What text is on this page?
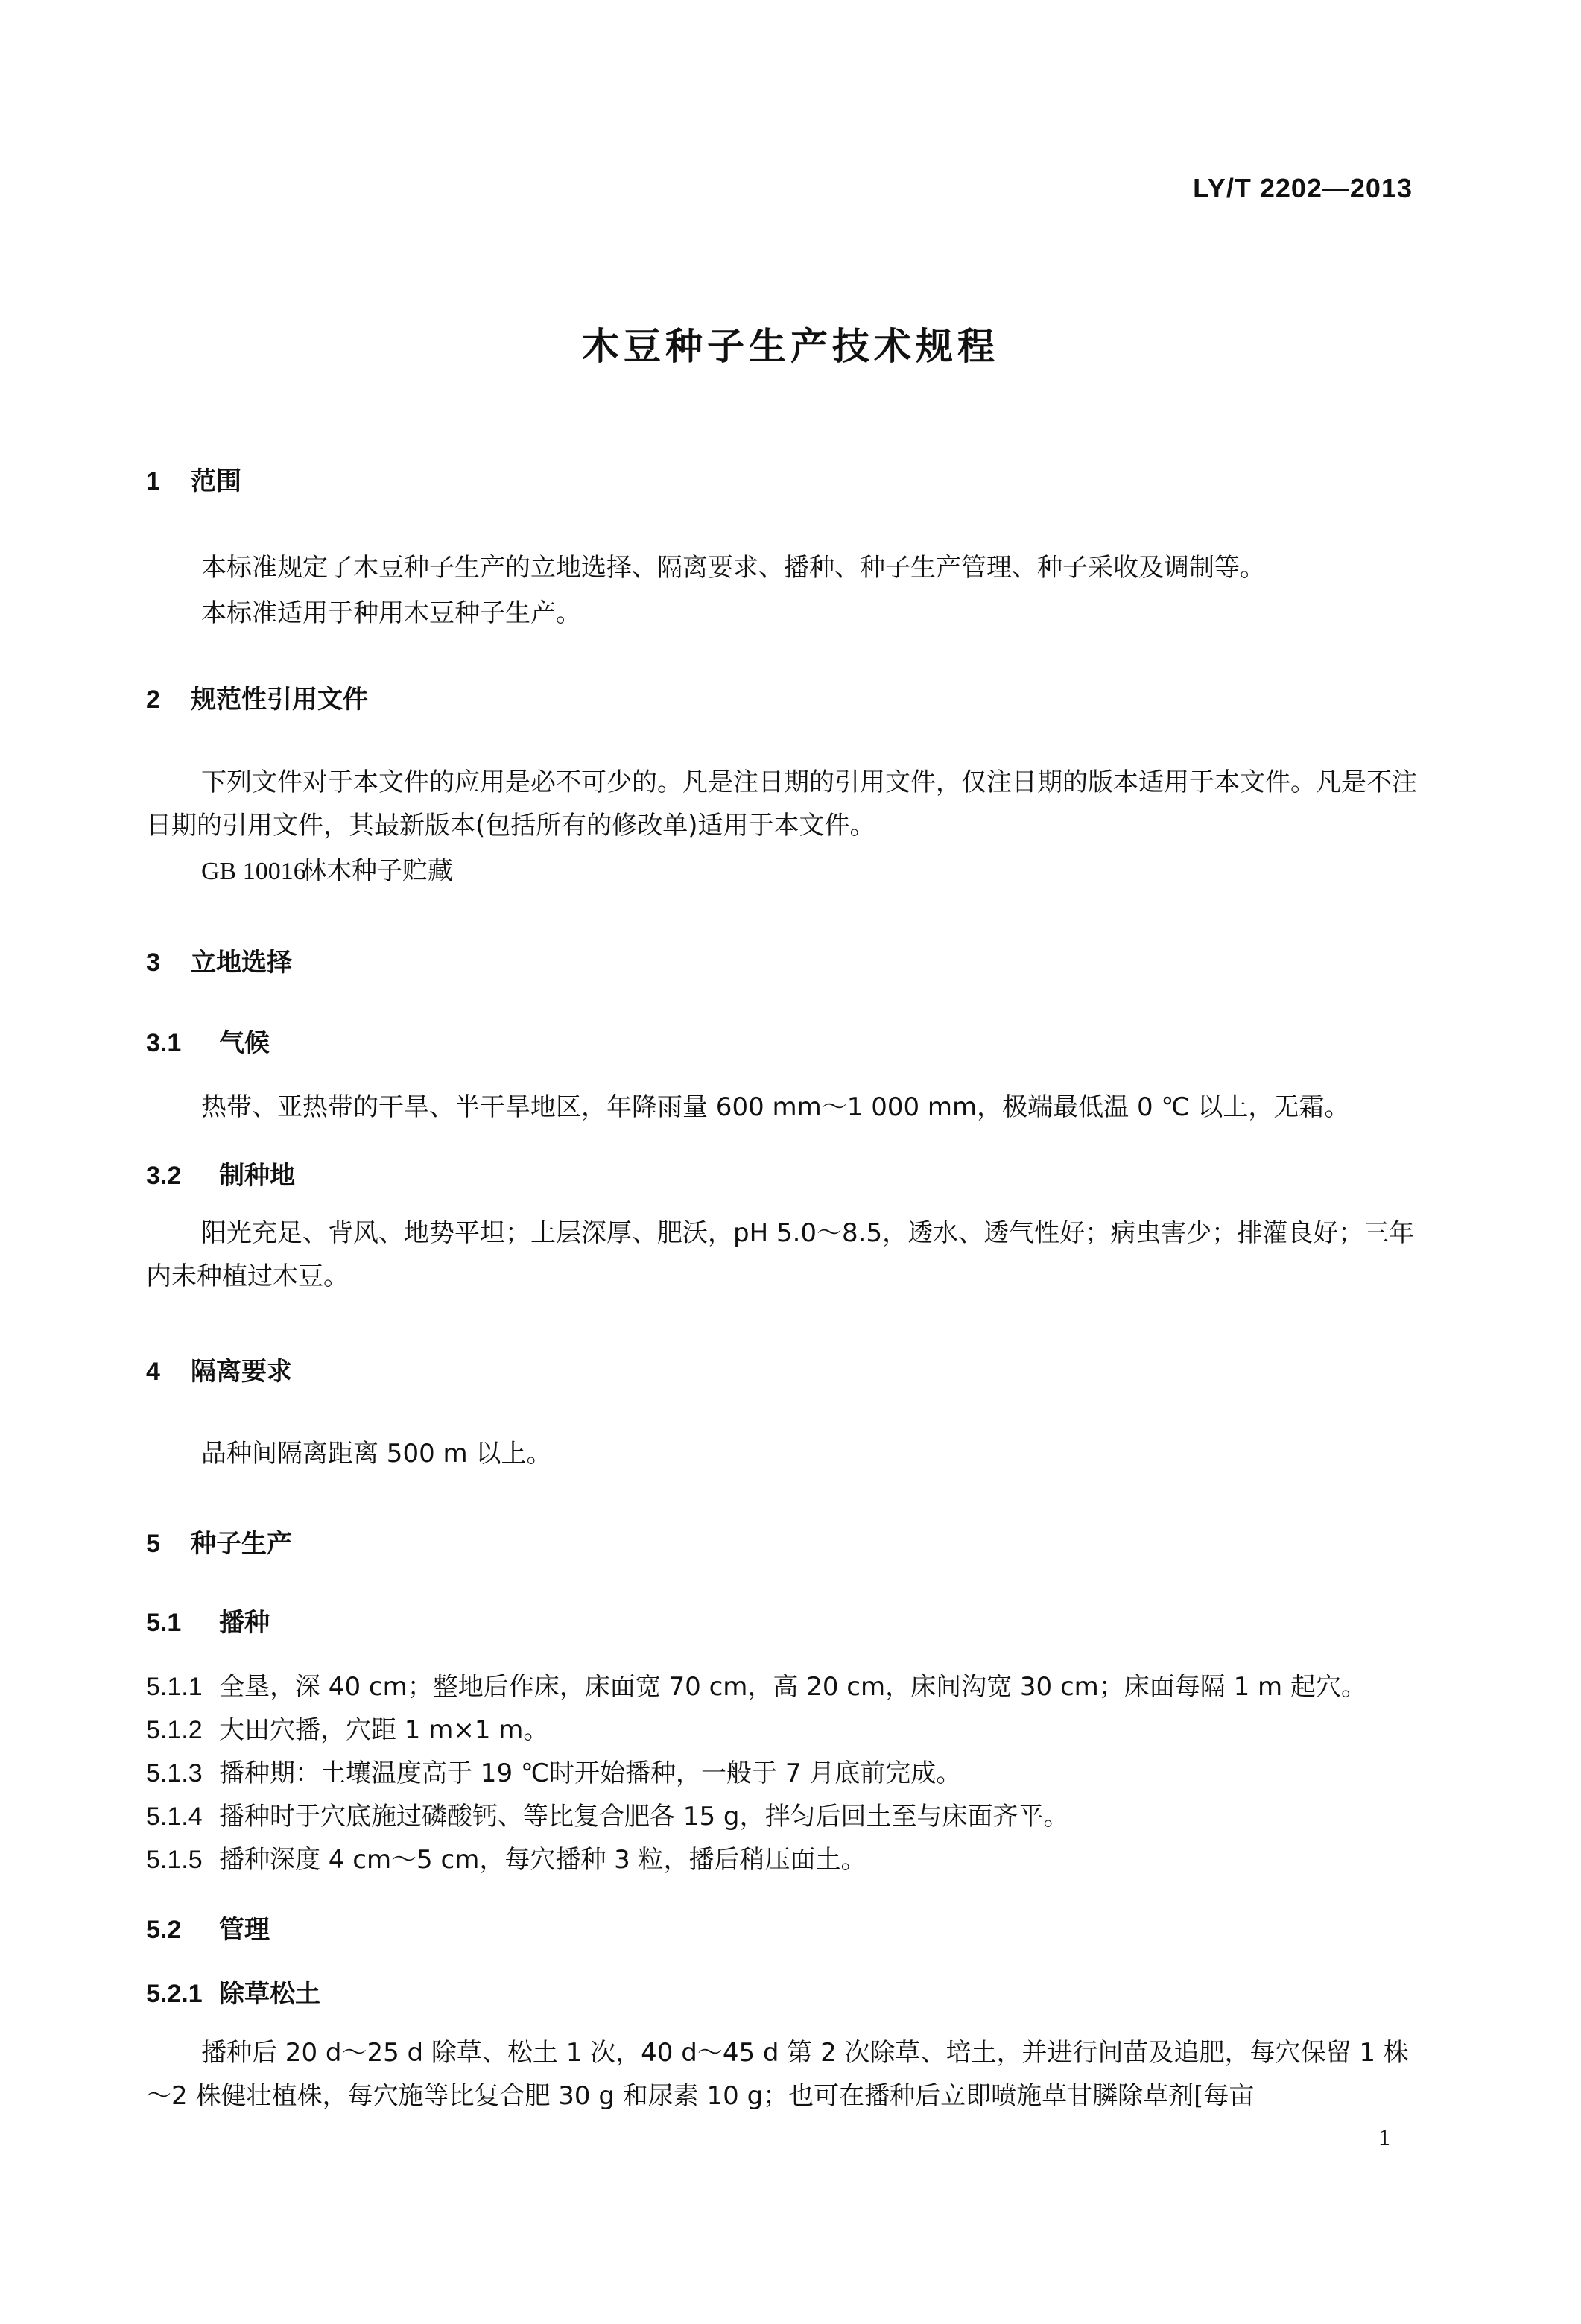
LY/T 2202—2013
木豆种子生产技术规程
1 范围

本标准规定了木豆种子生产的立地选择、隔离要求、播种、种子生产管理、种子采收及调制等。

本标准适用于种用木豆种子生产。

2 规范性引用文件

下列文件对于本文件的应用是必不可少的。凡是注日期的引用文件，仅注日期的版本适用于本文件。凡是不注日期的引用文件，其最新版本(包括所有的修改单)适用于本文件。

GB 10016林木种子贮藏
3 立地选择
3.1 气候

热带、亚热带的干旱、半干旱地区，年降雨量 600 mm～1 000 mm，极端最低温 0 ℃ 以上，无霜。

3.2 制种地

阳光充足、背风、地势平坦；土层深厚、肥沃，pH 5.0～8.5，透水、透气性好；病虫害少；排灌良好；三年内未种植过木豆。

4 隔离要求

品种间隔离距离 500 m 以上。

5 种子生产
5.1 播种
5.1.1 全垦，深 40 cm；整地后作床，床面宽 70 cm，高 20 cm，床间沟宽 30 cm；床面每隔 1 m 起穴。
5.1.2 大田穴播，穴距 1 m×1 m。
5.1.3 播种期：土壤温度高于 19 ℃时开始播种，一般于 7 月底前完成。
5.1.4 播种时于穴底施过磷酸钙、等比复合肥各 15 g，拌匀后回土至与床面齐平。
5.1.5 播种深度 4 cm～5 cm，每穴播种 3 粒，播后稍压面土。
5.2 管理
5.2.1 除草松土

播种后 20 d～25 d 除草、松土 1 次，40 d～45 d 第 2 次除草、培土，并进行间苗及追肥，每穴保留 1 株～2 株健壮植株，每穴施等比复合肥 30 g 和尿素 10 g；也可在播种后立即喷施草甘膦除草剂[每亩

1
